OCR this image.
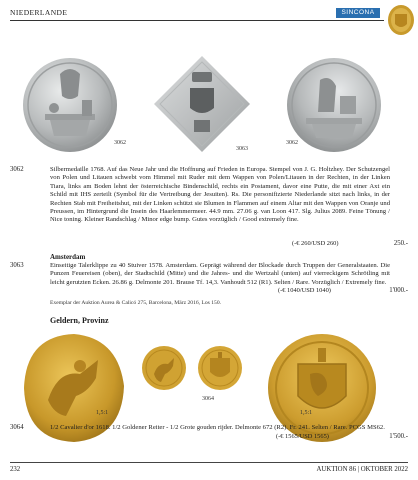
NIEDERLANDE	SINCONA
3062
3063
3062
3062	Silbermedaille 1768. Auf das Neue Jahr und die Hoffnung auf Frieden in Europa. Stempel von J. G. Holtzhey. Der Schutzengel von Polen und Litauen schwebt vom Himmel mit Ruder mit dem Wappen von Polen/Litauen in der Rechten, in der Linken Tiara, links am Boden lehnt der österreichische Bindenschild, rechts ein Postament, davor eine Putte, die mit einer Axt ein Schild mit IHS zerteilt (Symbol für die Vertreibung der Jesuiten). Rs. Die personifizierte Niederlande sitzt nach links, in der Rechten Stab mit Freiheitshut, mit der Linken schützt sie Blumen in Flammen auf einem Altar mit den Wappen von Oranje und Preussen, im Hintergrund die Insein des Haarlemmermeer. 44.9 mm. 27.06 g. van Loon 417. Slg. Julius 2089. Feine Tönung / Nice toning. Kleiner Randschlag / Minor edge bump. Gutes vorzüglich / Good extremely fine.
(-€ 260/USD 260)	250.-
Amsterdam
3063	Einseitige Talerklippe zu 40 Stuiver 1578. Amsterdam. Geprägt während der Blockade durch Truppen der Generalstaaten. Die Punzen Feuereisen (oben), der Stadtschild (Mitte) und die Jahres- und die Wertzahl (unten) auf vierreckigem Schrötling mit leicht gerutzten Ecken. 26.86 g. Delmonte 201. Brause Tf. 14,3. Vanhoudt 512 (R1). Selten / Rare. Vorzüglich / Extremely fine.
(-€ 1040/USD 1040)	1'000.-
Exemplar der Auktion Aurea & Calicó 275, Barcelona, März 2016, Los 150.
Geldern, Provinz
3064
1,5:1	1,5:1
3064	1/2 Cavalier d'or 1618. 1/2 Goldener Reiter - 1/2 Grote gouden rijder. Delmonte 672 (R2). Fr. 241. Selten / Rare. PCGS MS62.
(-€ 1565/USD 1565)	1'500.-
232	AUKTION 86 | OKTOBER 2022
